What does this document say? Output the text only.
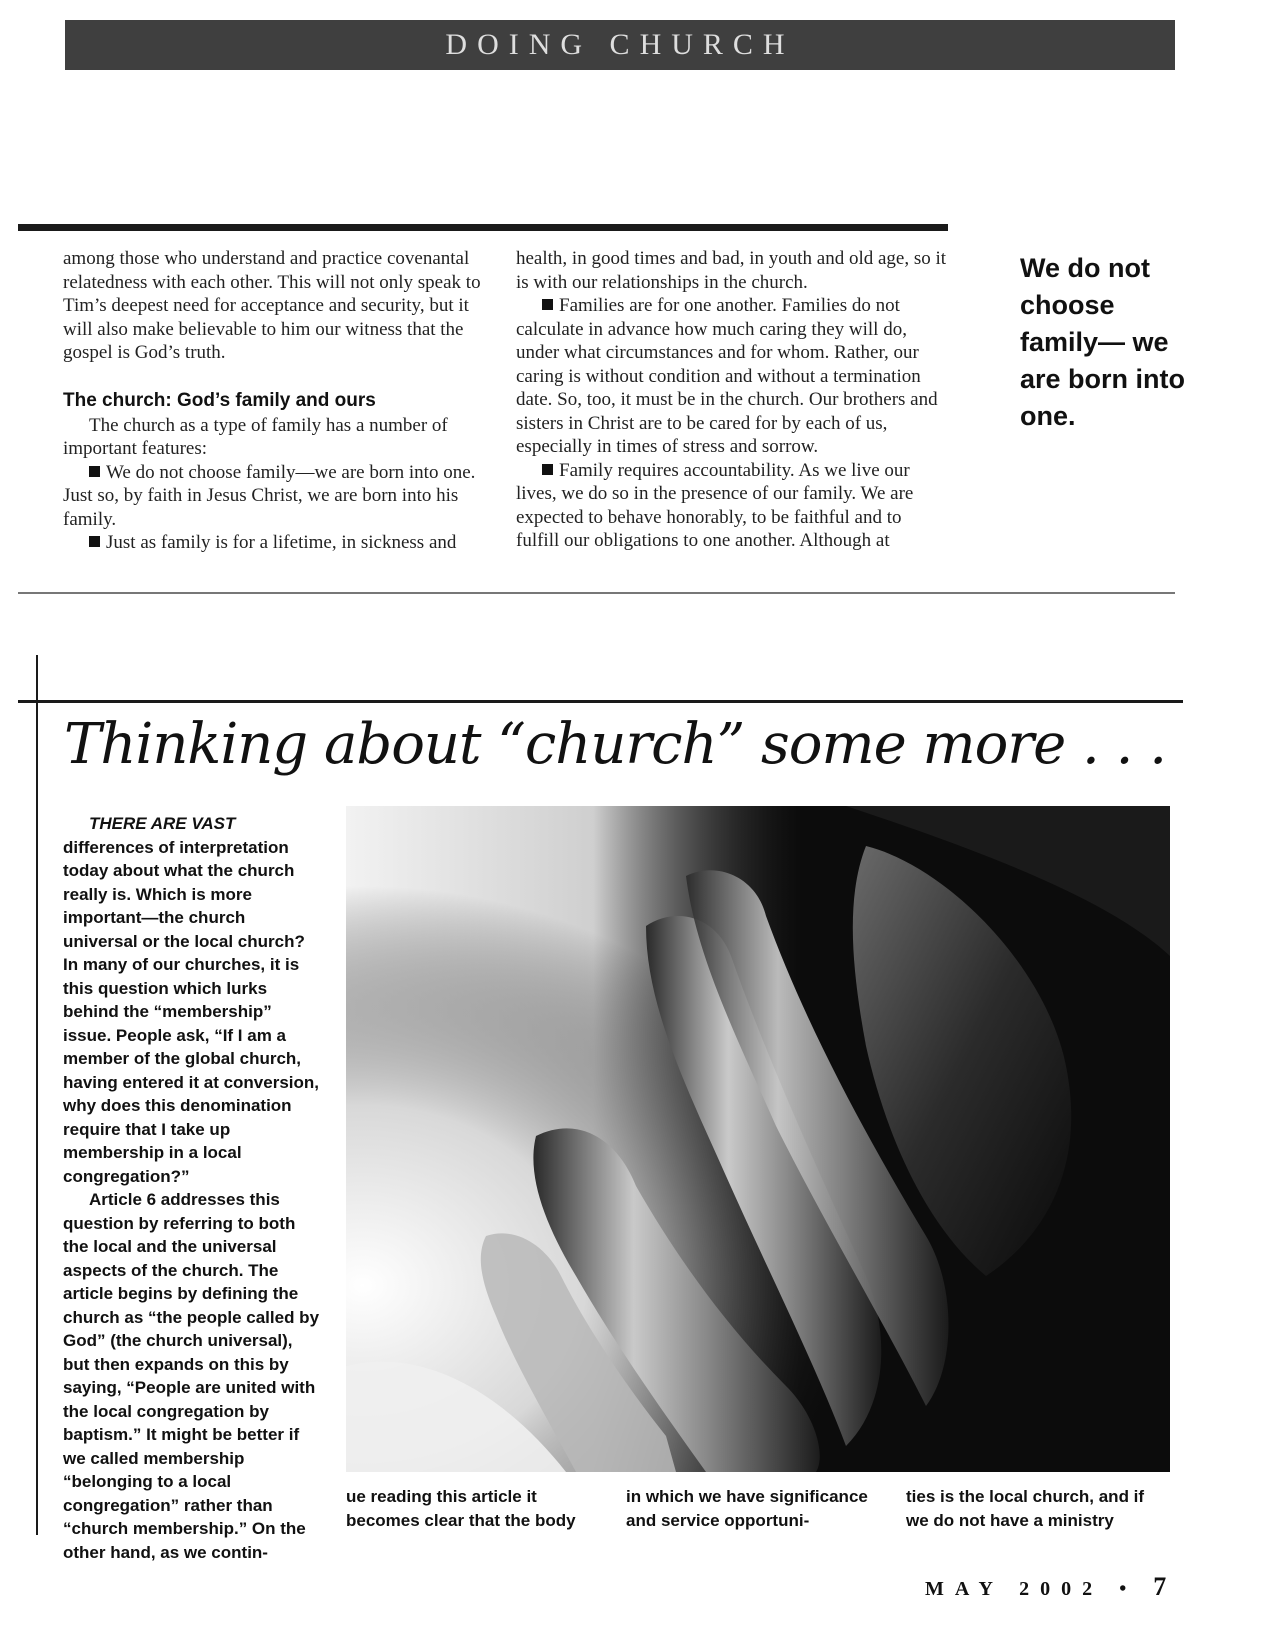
DOING CHURCH

among those who understand and practice covenantal relatedness with each other. This will not only speak to Tim’s deepest need for acceptance and security, but it will also make believable to him our witness that the gospel is God’s truth.

The church: God’s family and ours

The church as a type of family has a number of important features:

We do not choose family—we are born into one. Just so, by faith in Jesus Christ, we are born into his family.

Just as family is for a lifetime, in sickness and

health, in good times and bad, in youth and old age, so it is with our relationships in the church.

Families are for one another. Families do not calculate in advance how much caring they will do, under what circumstances and for whom. Rather, our caring is without condition and without a termination date. So, too, it must be in the church. Our brothers and sisters in Christ are to be cared for by each of us, especially in times of stress and sorrow.

Family requires accountability. As we live our lives, we do so in the presence of our family. We are expected to behave honorably, to be faithful and to fulfill our obligations to one another. Although at

We do not choose family— we are born into one.
Thinking about “church” some more . . .

THERE ARE VAST differences of interpretation today about what the church really is. Which is more important—the church universal or the local church? In many of our churches, it is this question which lurks behind the “membership” issue. People ask, “If I am a member of the global church, having entered it at conversion, why does this denomination require that I take up membership in a local congregation?”

Article 6 addresses this question by referring to both the local and the universal aspects of the church. The article begins by defining the church as “the people called by God” (the church universal), but then expands on this by saying, “People are united with the local congregation by baptism.” It might be better if we called membership “belonging to a local congregation” rather than “church membership.” On the other hand, as we contin-

ue reading this article it becomes clear that the body
in which we have significance and service opportuni-
ties is the local church, and if we do not have a ministry
MAY 2002 • 7
